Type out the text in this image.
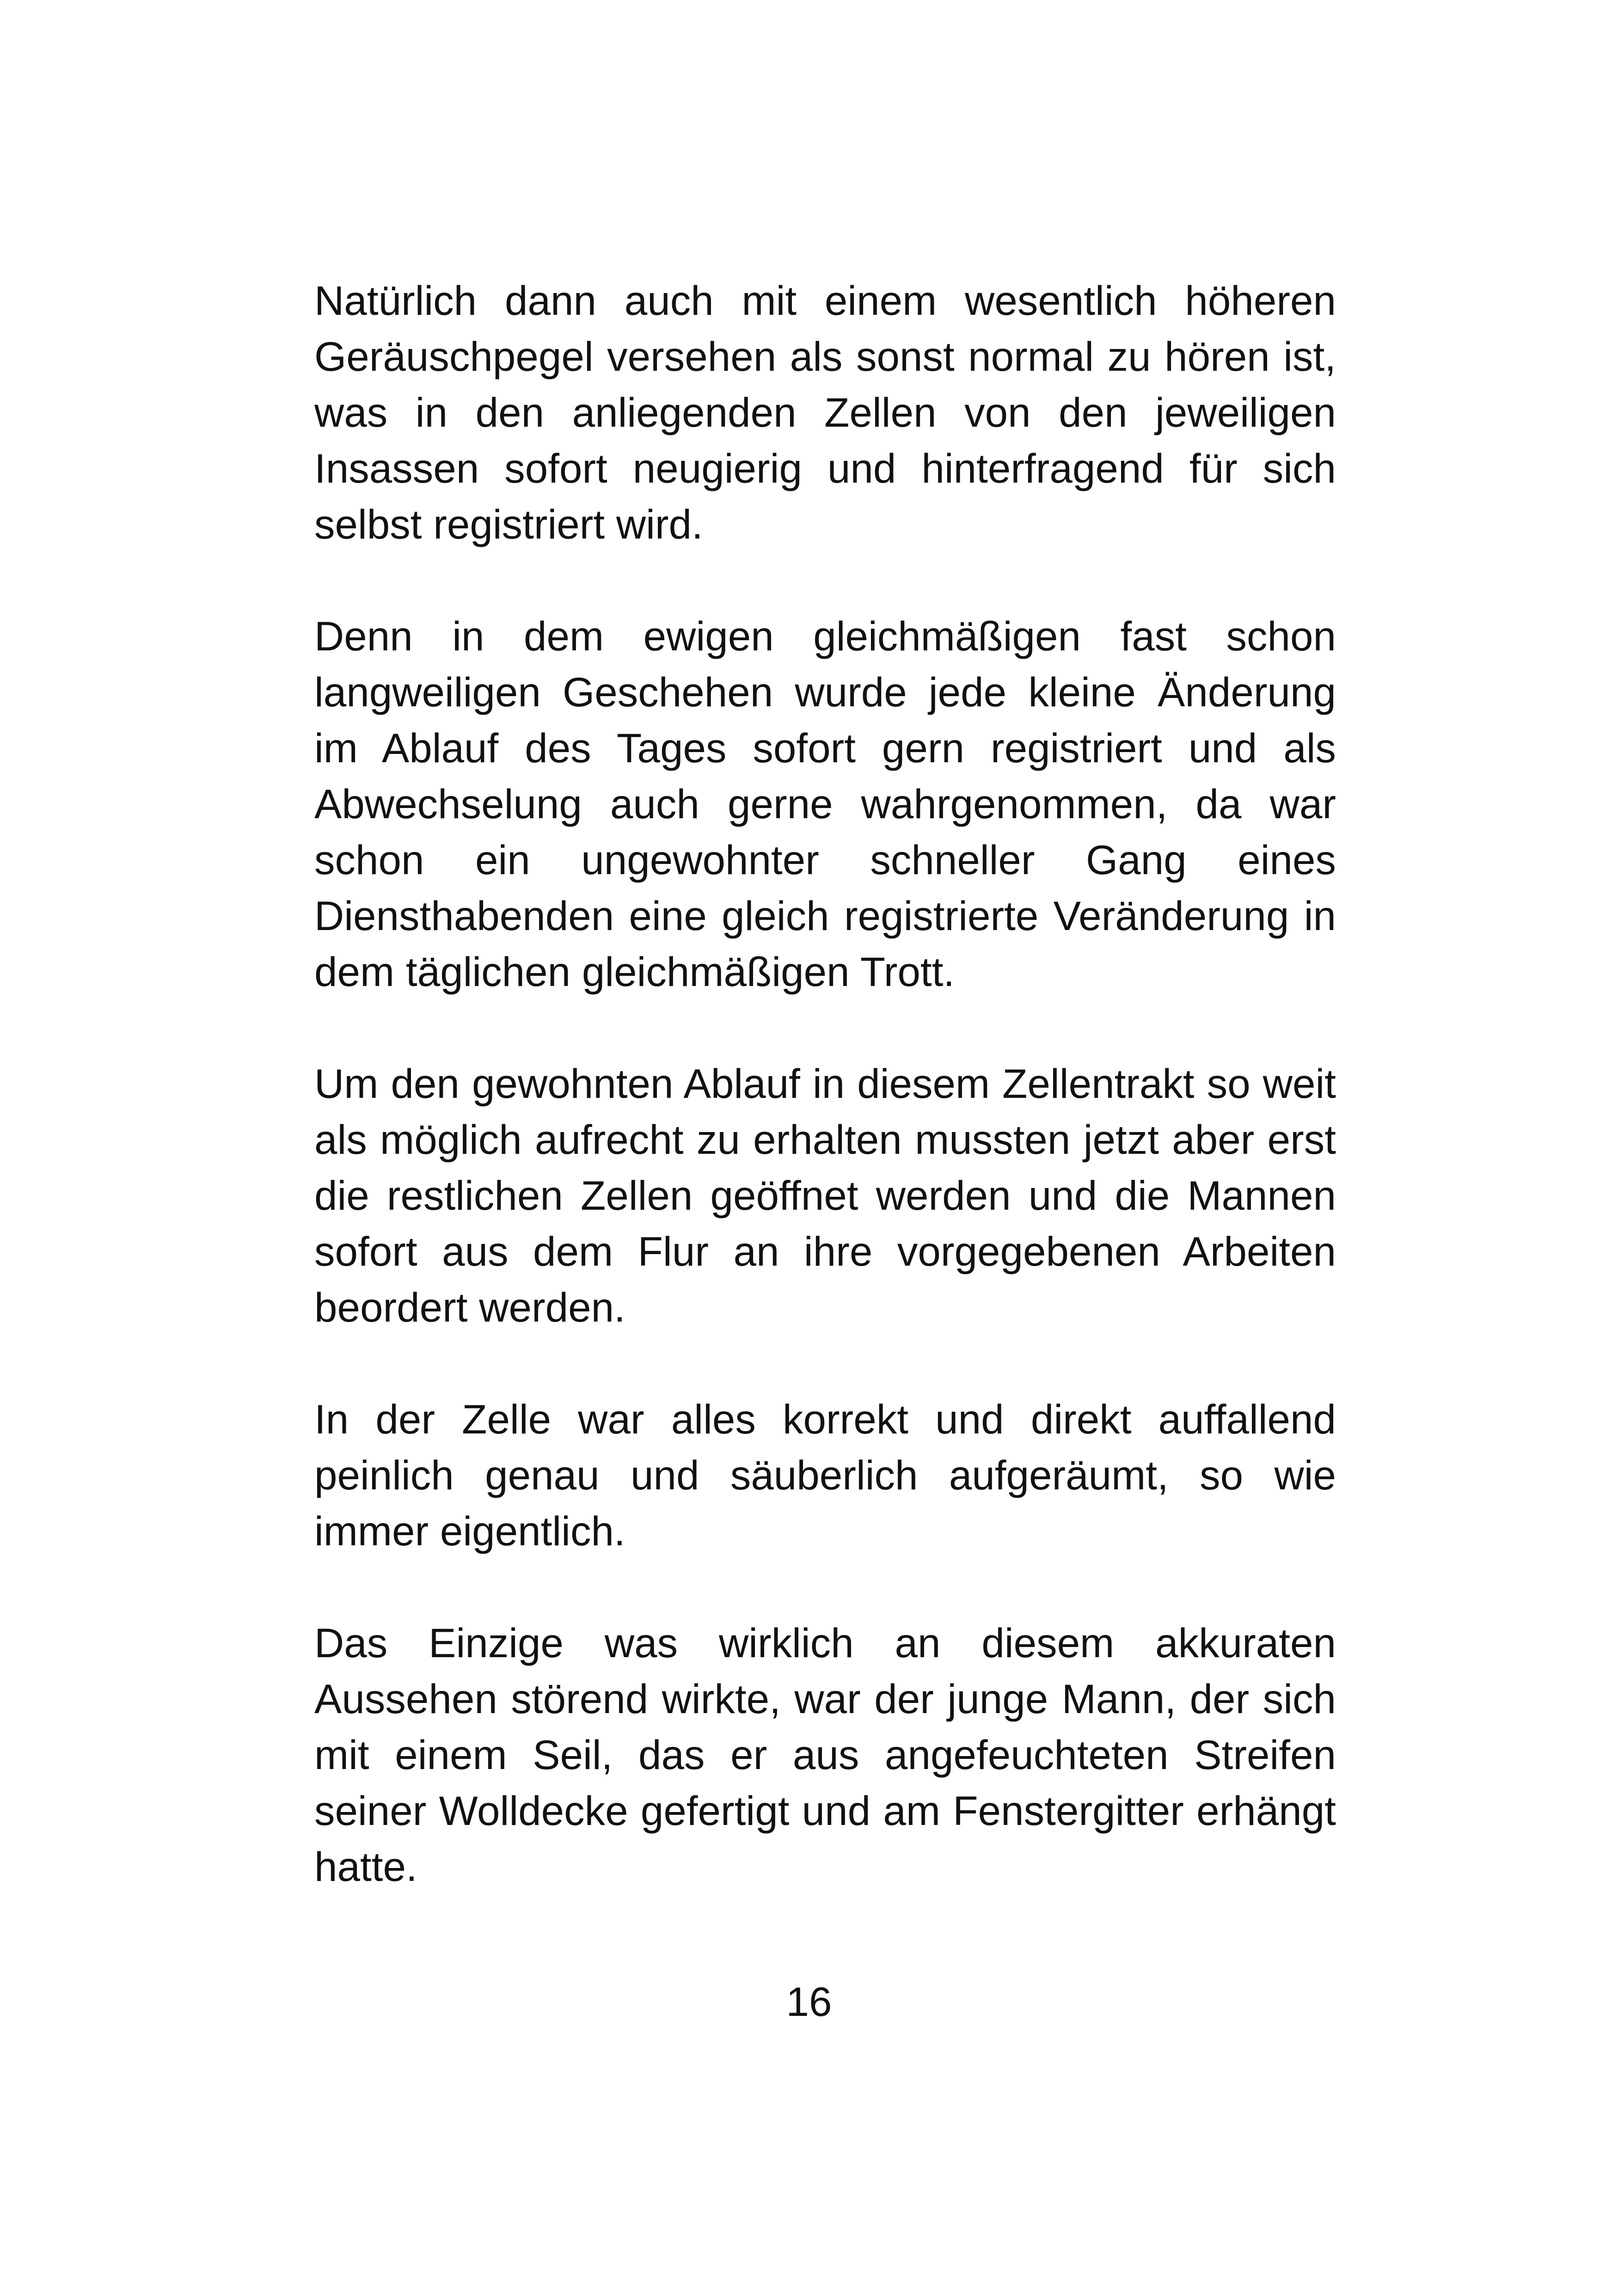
Natürlich dann auch mit einem wesentlich höheren Geräuschpegel versehen als sonst normal zu hören ist, was in den anliegenden Zellen von den jeweiligen Insassen sofort neugierig und hinterfragend für sich selbst registriert wird.

Denn in dem ewigen gleichmäßigen fast schon langweiligen Geschehen wurde jede kleine Änderung im Ablauf des Tages sofort gern registriert und als Abwechselung auch gerne wahrgenommen, da war schon ein ungewohnter schneller Gang eines Diensthabenden eine gleich registrierte Veränderung in dem täglichen gleichmäßigen Trott.

Um den gewohnten Ablauf in diesem Zellentrakt so weit als möglich aufrecht zu erhalten mussten jetzt aber erst die restlichen Zellen geöffnet werden und die Mannen sofort aus dem Flur an ihre vorgegebenen Arbeiten beordert werden.

In der Zelle war alles korrekt und direkt auffallend peinlich genau und säuberlich aufgeräumt, so wie immer eigentlich.

Das Einzige was wirklich an diesem akkuraten Aussehen störend wirkte, war der junge Mann, der sich mit einem Seil, das er aus angefeuchteten Streifen seiner Wolldecke gefertigt und am Fenstergitter erhängt hatte.

16
